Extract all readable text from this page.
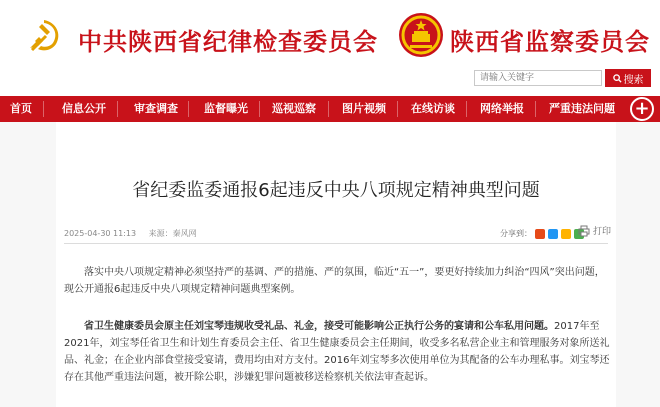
中共陕西省纪律检查委员会	陕西省监察委员会
请输入关键字
搜索
首页	信息公开	审查调查 监督曝光 巡视巡察 图片视频 在线访谈 网络举报 严重违法问题 +
省纪委监委通报6起违反中央八项规定精神典型问题
2025-04-30 11:13 来源：秦风网	分享到：	打印
落实中央八项规定精神必须坚持严的基调、严的措施、严的氛围，临近“五一”，要更好持续加力纠治“四风”突出问题，现公开通报6起违反中央八项规定精神问题典型案例。
省卫生健康委员会原主任刘宝琴违规收受礼品、礼金，接受可能影响公正执行公务的宴请和公车私用问题。2017年至2021年，刘宝琴任省卫生和计划生育委员会主任、省卫生健康委员会主任期间，收受多名私营企业主和管理服务对象所送礼品、礼金；在企业内部食堂接受宴请，费用均由对方支付。2016年刘宝琴多次使用单位为其配备的公车办理私事。刘宝琴还存在其他严重违法问题，被开除公职，涉嫌犯罪问题被移送检察机关依法审查起诉。
